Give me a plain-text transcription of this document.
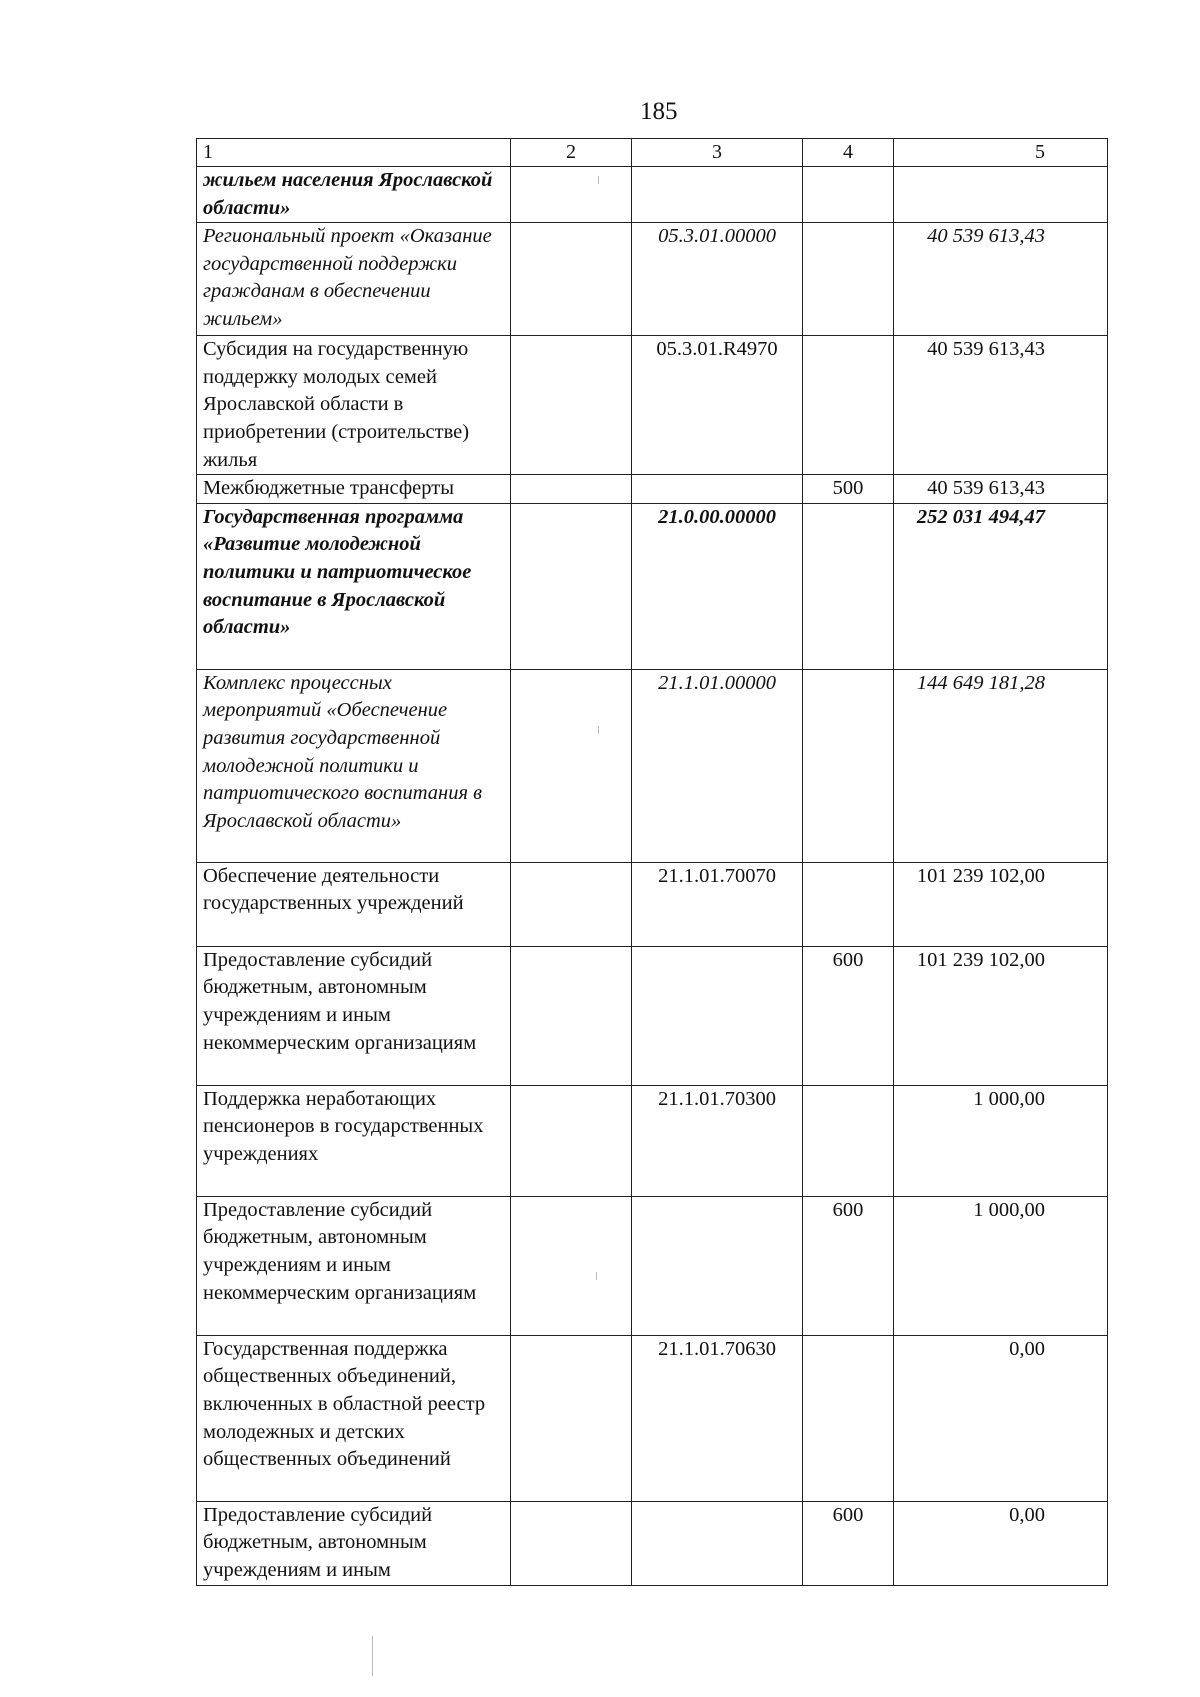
185
1	2	3	4	5
жильем населения Ярославской области»				
Региональный проект «Оказание государственной поддержки гражданам в обеспечении жильем»		05.3.01.00000		40 539 613,43
Субсидия на государственную поддержку молодых семей Ярославской области в приобретении (строительстве) жилья		05.3.01.R4970		40 539 613,43
Межбюджетные трансферты			500	40 539 613,43
Государственная программа «Развитие молодежной политики и патриотическое воспитание в Ярославской области»		21.0.00.00000		252 031 494,47
Комплекс процессных мероприятий «Обеспечение развития государственной молодежной политики и патриотического воспитания в Ярославской области»		21.1.01.00000		144 649 181,28
Обеспечение деятельности государственных учреждений		21.1.01.70070		101 239 102,00
Предоставление субсидий бюджетным, автономным учреждениям и иным некоммерческим организациям			600	101 239 102,00
Поддержка неработающих пенсионеров в государственных учреждениях		21.1.01.70300		1 000,00
Предоставление субсидий бюджетным, автономным учреждениям и иным некоммерческим организациям			600	1 000,00
Государственная поддержка общественных объединений, включенных в областной реестр молодежных и детских общественных объединений		21.1.01.70630		0,00
Предоставление субсидий бюджетным, автономным учреждениям и иным			600	0,00
